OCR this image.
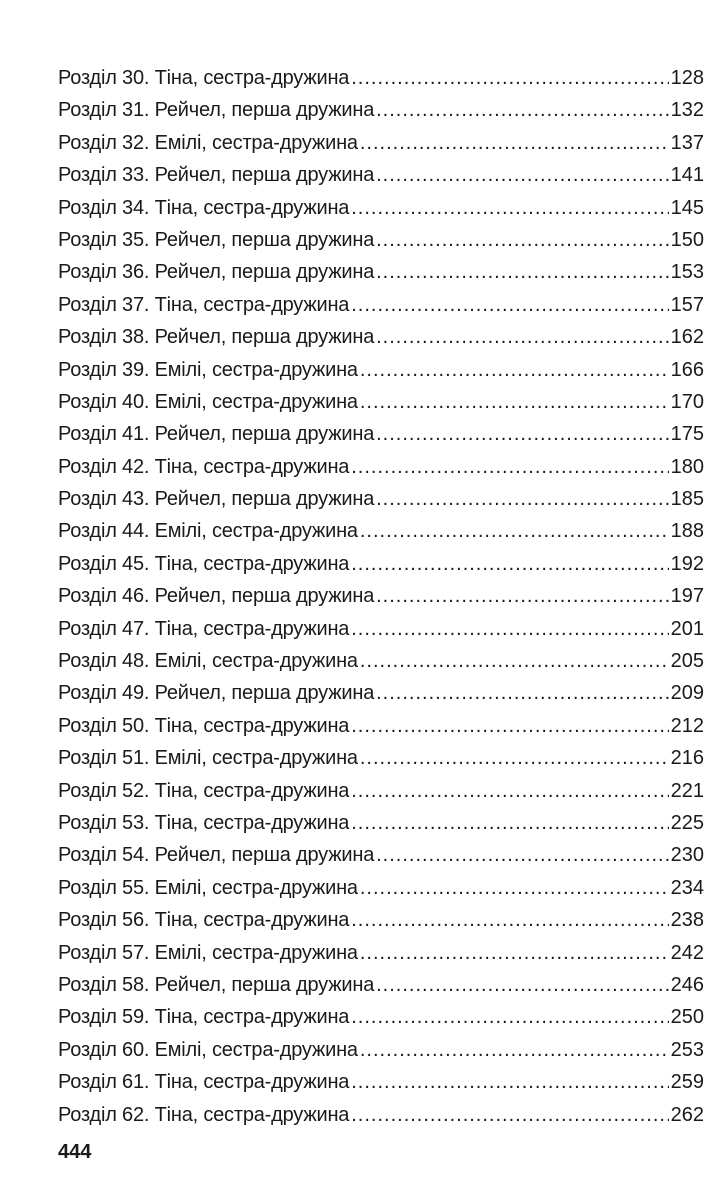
Розділ 30. Тіна, сестра-дружина .....	128
Розділ 31. Рейчел, перша дружина .....	132
Розділ 32. Емілі, сестра-дружина .....	137
Розділ 33. Рейчел, перша дружина .....	141
Розділ 34. Тіна, сестра-дружина .....	145
Розділ 35. Рейчел, перша дружина .....	150
Розділ 36. Рейчел, перша дружина .....	153
Розділ 37. Тіна, сестра-дружина .....	157
Розділ 38. Рейчел, перша дружина .....	162
Розділ 39. Емілі, сестра-дружина .....	166
Розділ 40. Емілі, сестра-дружина .....	170
Розділ 41. Рейчел, перша дружина .....	175
Розділ 42. Тіна, сестра-дружина .....	180
Розділ 43. Рейчел, перша дружина .....	185
Розділ 44. Емілі, сестра-дружина .....	188
Розділ 45. Тіна, сестра-дружина .....	192
Розділ 46. Рейчел, перша дружина .....	197
Розділ 47. Тіна, сестра-дружина .....	201
Розділ 48. Емілі, сестра-дружина .....	205
Розділ 49. Рейчел, перша дружина .....	209
Розділ 50. Тіна, сестра-дружина .....	212
Розділ 51. Емілі, сестра-дружина .....	216
Розділ 52. Тіна, сестра-дружина .....	221
Розділ 53. Тіна, сестра-дружина .....	225
Розділ 54. Рейчел, перша дружина .....	230
Розділ 55. Емілі, сестра-дружина .....	234
Розділ 56. Тіна, сестра-дружина .....	238
Розділ 57. Емілі, сестра-дружина .....	242
Розділ 58. Рейчел, перша дружина .....	246
Розділ 59. Тіна, сестра-дружина .....	250
Розділ 60. Емілі, сестра-дружина .....	253
Розділ 61. Тіна, сестра-дружина .....	259
Розділ 62. Тіна, сестра-дружина .....	262
444
